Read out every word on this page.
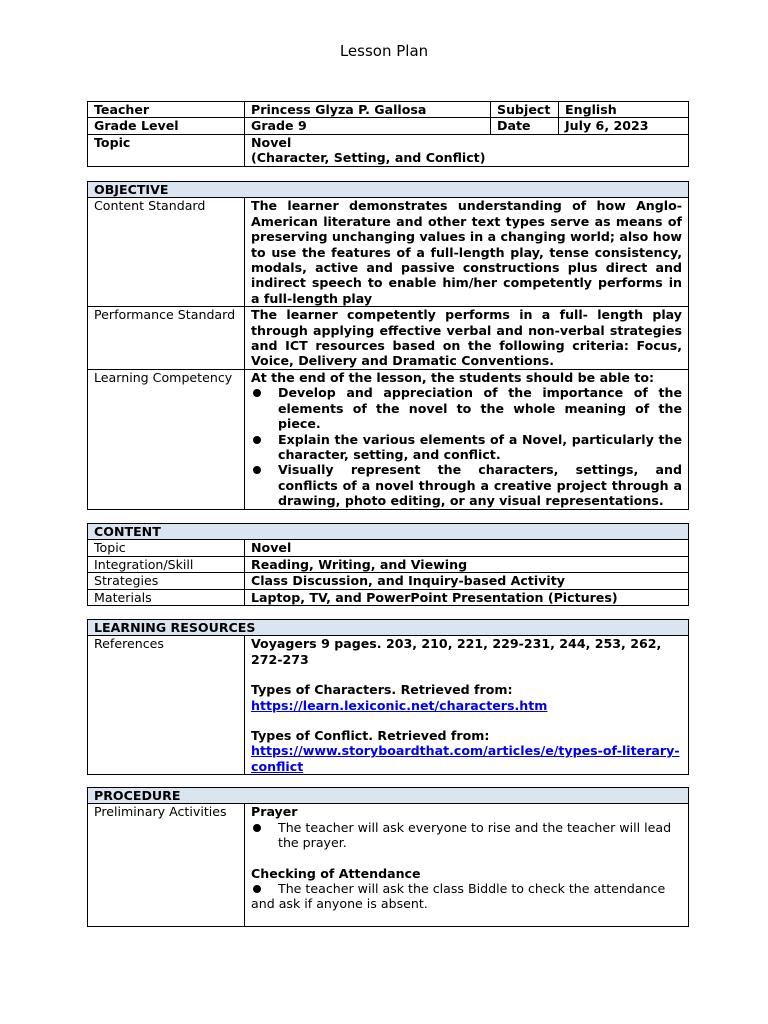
Lesson Plan
Teacher	Princess Glyza P. Gallosa	Subject	English
Grade Level	Grade 9	Date	July 6, 2023
Topic	Novel
(Character, Setting, and Conflict)		
OBJECTIVE	
Content Standard	The learner demonstrates understanding of how Anglo-American literature and other text types serve as means of preserving unchanging values in a changing world; also how to use the features of a full-length play, tense consistency, modals, active and passive constructions plus direct and indirect speech to enable him/her competently performs in a full-length play
Performance Standard	The learner competently performs in a full- length play through applying effective verbal and non-verbal strategies and ICT resources based on the following criteria: Focus, Voice, Delivery and Dramatic Conventions.
Learning Competency	At the end of the lesson, the students should be able to:
Develop and appreciation of the importance of the elements of the novel to the whole meaning of the piece.
Explain the various elements of a Novel, particularly the character, setting, and conflict.
Visually represent the characters, settings, and conflicts of a novel through a creative project through a drawing, photo editing, or any visual representations.
CONTENT	
Topic	Novel
Integration/Skill	Reading, Writing, and Viewing
Strategies	Class Discussion, and Inquiry-based Activity
Materials	Laptop, TV, and PowerPoint Presentation (Pictures)
LEARNING RESOURCES
References	Voyagers 9 pages. 203, 210, 221, 229-231, 244, 253, 262, 272-273
Types of Characters. Retrieved from:
https://learn.lexiconic.net/characters.htm
Types of Conflict. Retrieved from:
https://www.storyboardthat.com/articles/e/types-of-literary-
conflict
PROCEDURE
Preliminary Activities	Prayer
The teacher will ask everyone to rise and the teacher will lead the prayer.
Checking of Attendance
The teacher will ask the class Biddle to check the attendance and ask if anyone is absent.
